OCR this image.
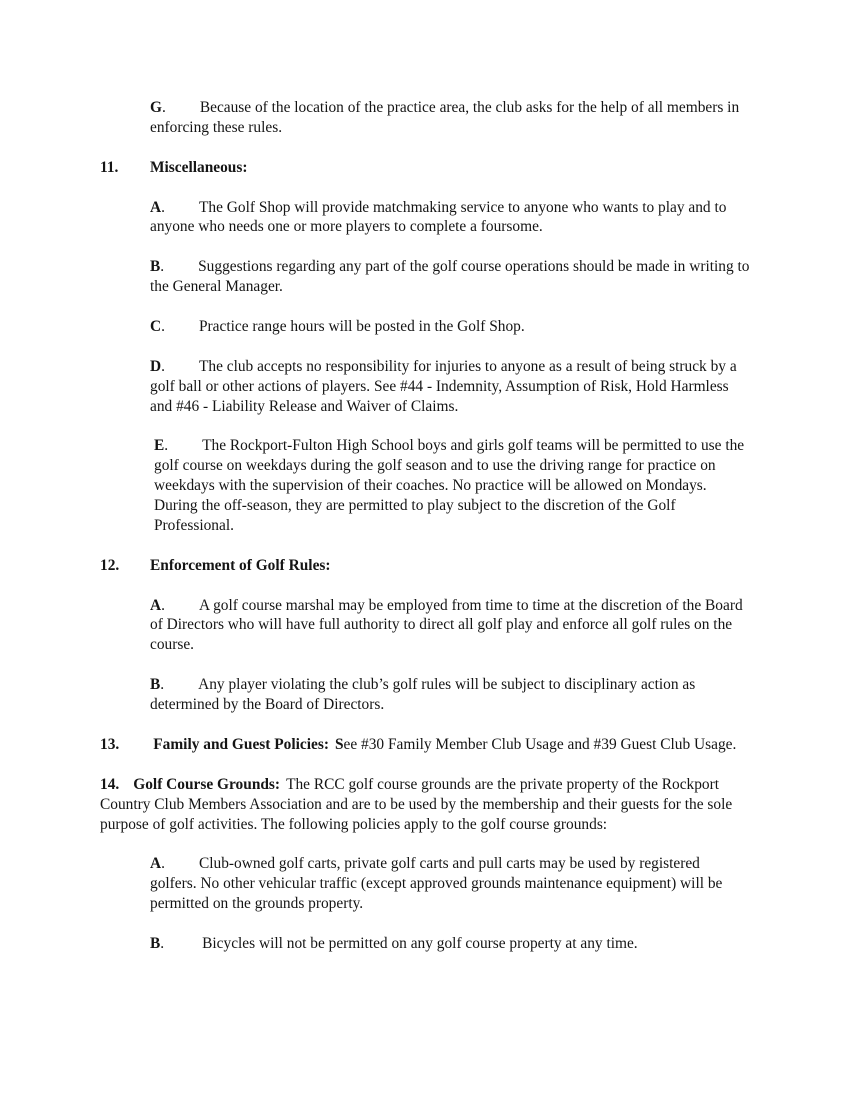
G. Because of the location of the practice area, the club asks for the help of all members in enforcing these rules.

11. Miscellaneous:

A. The Golf Shop will provide matchmaking service to anyone who wants to play and to anyone who needs one or more players to complete a foursome.

B. Suggestions regarding any part of the golf course operations should be made in writing to the General Manager.

C. Practice range hours will be posted in the Golf Shop.

D. The club accepts no responsibility for injuries to anyone as a result of being struck by a golf ball or other actions of players. See #44 - Indemnity, Assumption of Risk, Hold Harmless and #46 - Liability Release and Waiver of Claims.

E. The Rockport-Fulton High School boys and girls golf teams will be permitted to use the golf course on weekdays during the golf season and to use the driving range for practice on weekdays with the supervision of their coaches. No practice will be allowed on Mondays. During the off-season, they are permitted to play subject to the discretion of the Golf Professional.

12. Enforcement of Golf Rules:

A. A golf course marshal may be employed from time to time at the discretion of the Board of Directors who will have full authority to direct all golf play and enforce all golf rules on the course.

B. Any player violating the club’s golf rules will be subject to disciplinary action as determined by the Board of Directors.

13. Family and Guest Policies: See #30 Family Member Club Usage and #39 Guest Club Usage.

14. Golf Course Grounds: The RCC golf course grounds are the private property of the Rockport Country Club Members Association and are to be used by the membership and their guests for the sole purpose of golf activities. The following policies apply to the golf course grounds:

A. Club-owned golf carts, private golf carts and pull carts may be used by registered golfers. No other vehicular traffic (except approved grounds maintenance equipment) will be permitted on the grounds property.

B. Bicycles will not be permitted on any golf course property at any time.
